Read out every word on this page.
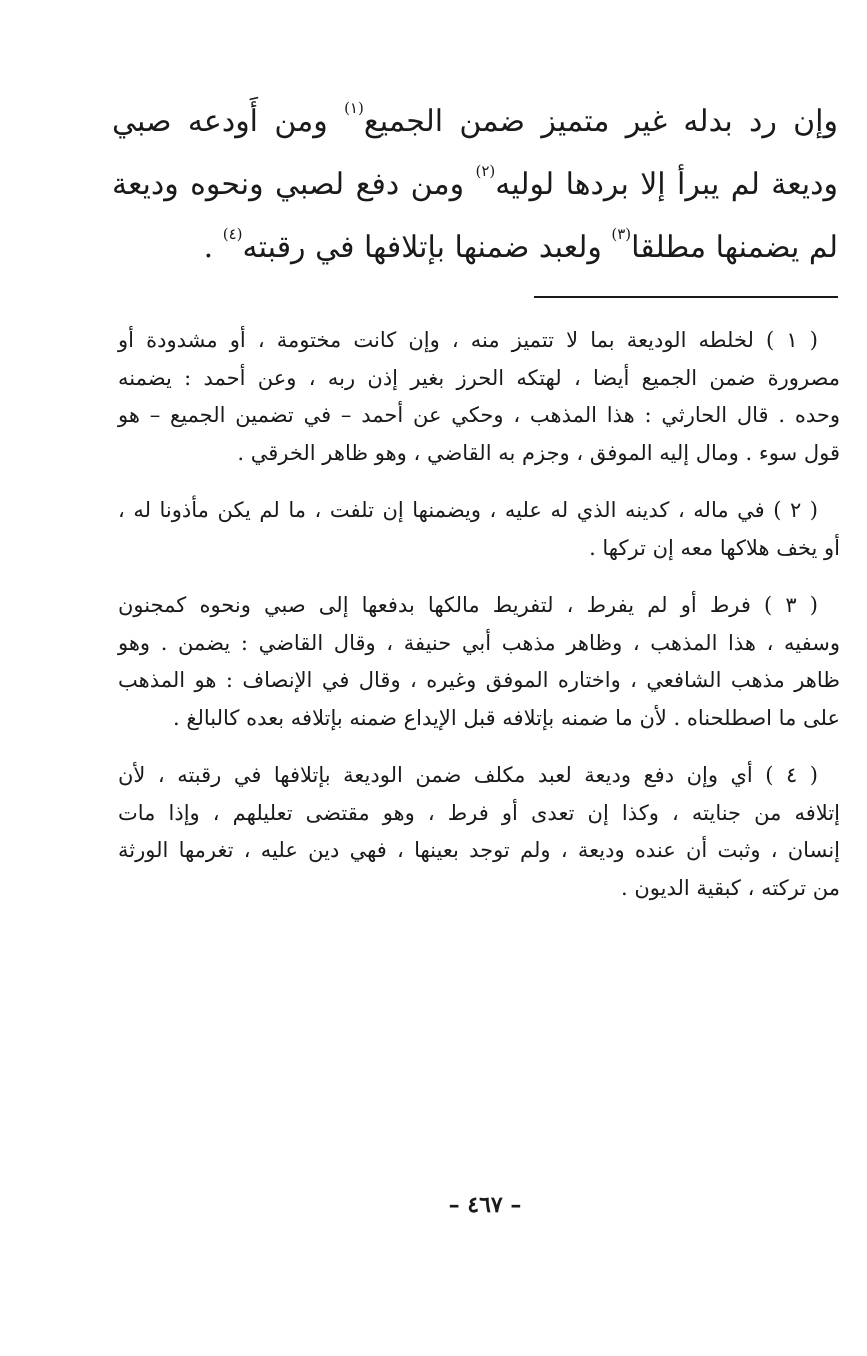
وإن رد بدله غير متميز ضمن الجميع$^{(١)}$ ومن أَودعه صبي
وديعة لم يبرأ إلا بردها لوليه$^{(٢)}$ ومن دفع لصبي ونحوه وديعة
لم يضمنها مطلقا$^{(٣)}$ ولعبد ضمنها بإتلافها في رقبته$^{(٤)}$ .
( ١ ) لخلطه الوديعة بما لا تتميز منه ، وإن كانت مختومة ، أو مشدودة أو
مصرورة ضمن الجميع أيضا ، لهتكه الحرز بغير إذن ربه ، وعن أحمد : يضمنه
وحده . قال الحارثي : هذا المذهب ، وحكي عن أحمد – في تضمين الجميع – هو
قول سوء . ومال إليه الموفق ، وجزم به القاضي ، وهو ظاهر الخرقي .
( ٢ ) في ماله ، كدينه الذي له عليه ، ويضمنها إن تلفت ، ما لم يكن مأذونا له ،
أو يخف هلاكها معه إن تركها .
( ٣ ) فرط أو لم يفرط ، لتفريط مالكها بدفعها إلى صبي ونحوه كمجنون
وسفيه ، هذا المذهب ، وظاهر مذهب أبي حنيفة ، وقال القاضي : يضمن . وهو
ظاهر مذهب الشافعي ، واختاره الموفق وغيره ، وقال في الإنصاف : هو المذهب
على ما اصطلحناه . لأن ما ضمنه بإتلافه قبل الإيداع ضمنه بإتلافه بعده كالبالغ .
( ٤ ) أي وإن دفع وديعة لعبد مكلف ضمن الوديعة بإتلافها في رقبته ، لأن
إتلافه من جنايته ، وكذا إن تعدى أو فرط ، وهو مقتضى تعليلهم ، وإذا مات
إنسان ، وثبت أن عنده وديعة ، ولم توجد بعينها ، فهي دين عليه ، تغرمها الورثة
من تركته ، كبقية الديون .
– ٤٦٧ –
